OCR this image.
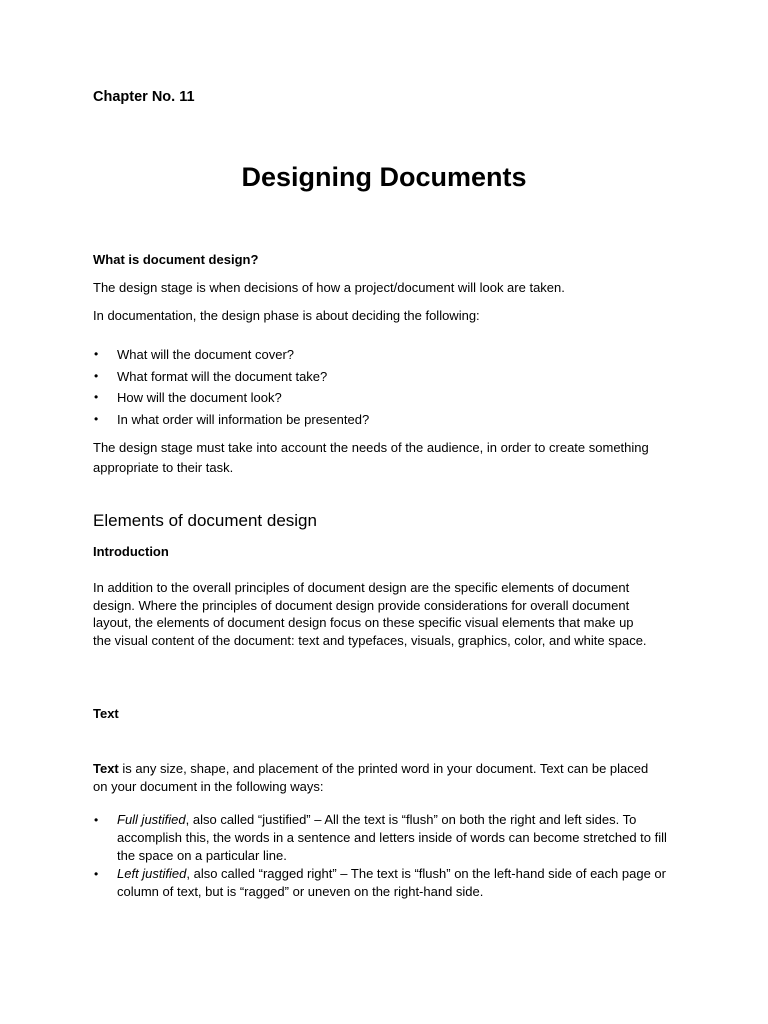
Chapter No. 11
Designing Documents
What is document design?
The design stage is when decisions of how a project/document will look are taken.
In documentation, the design phase is about deciding the following:
• What will the document cover?
• What format will the document take?
• How will the document look?
• In what order will information be presented?
The design stage must take into account the needs of the audience, in order to create something appropriate to their task.
Elements of document design
Introduction
In addition to the overall principles of document design are the specific elements of document design. Where the principles of document design provide considerations for overall document layout, the elements of document design focus on these specific visual elements that make up the visual content of the document: text and typefaces, visuals, graphics, color, and white space.
Text
Text is any size, shape, and placement of the printed word in your document. Text can be placed on your document in the following ways:
• Full justified, also called “justified” – All the text is “flush” on both the right and left sides. To accomplish this, the words in a sentence and letters inside of words can become stretched to fill the space on a particular line.
• Left justified, also called “ragged right” – The text is “flush” on the left-hand side of each page or column of text, but is “ragged” or uneven on the right-hand side.
